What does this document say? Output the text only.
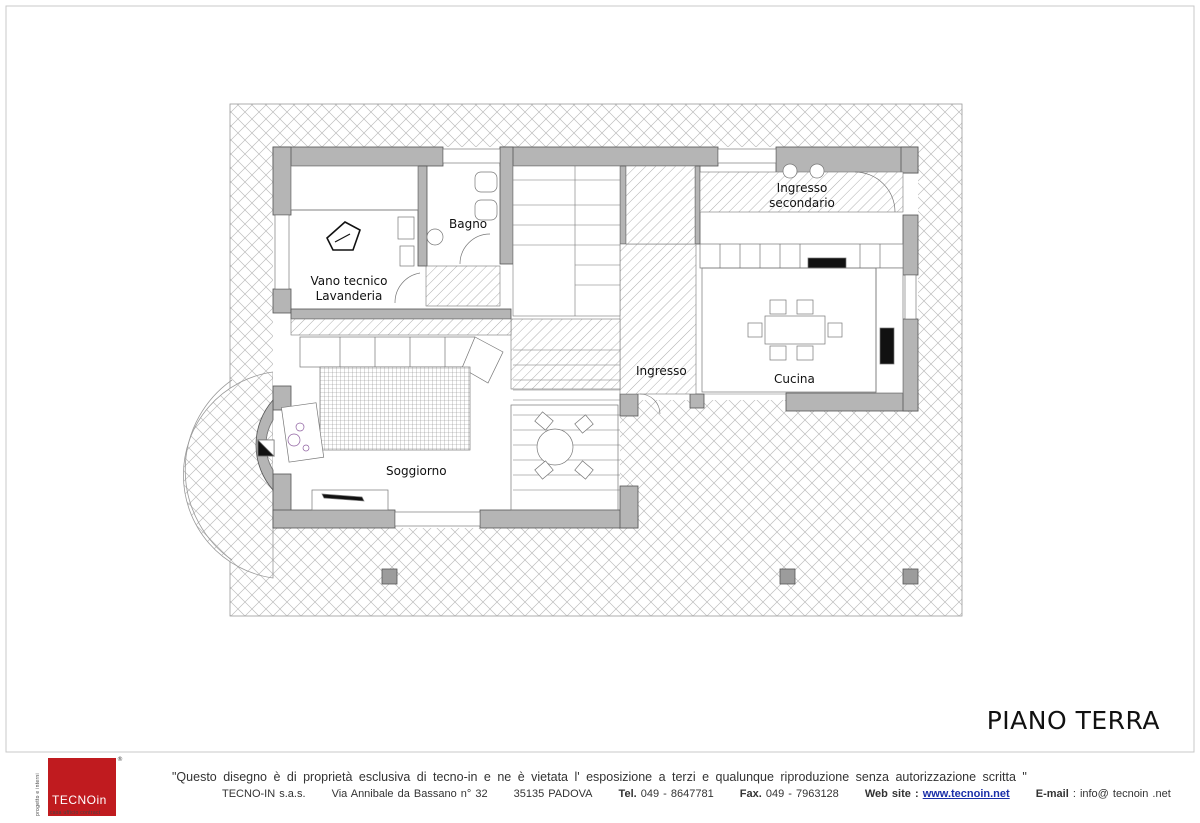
Bagno
Vano tecnico
Lavanderia
Ingresso
secondario
Ingresso
Cucina
Soggiorno
PIANO TERRA
TECNOin
casa ufficio contract
progetto e interni
®
"Questo disegno è di proprietà esclusiva di tecno-in e ne è vietata l' esposizione a terzi e qualunque riproduzione senza autorizzazione scritta "
TECNO-IN s.a.s. Via Annibale da Bassano n° 32 35135 PADOVA Tel. 049 - 8647781 Fax. 049 - 7963128 Web site : www.tecnoin.net E-mail : info@ tecnoin .net
